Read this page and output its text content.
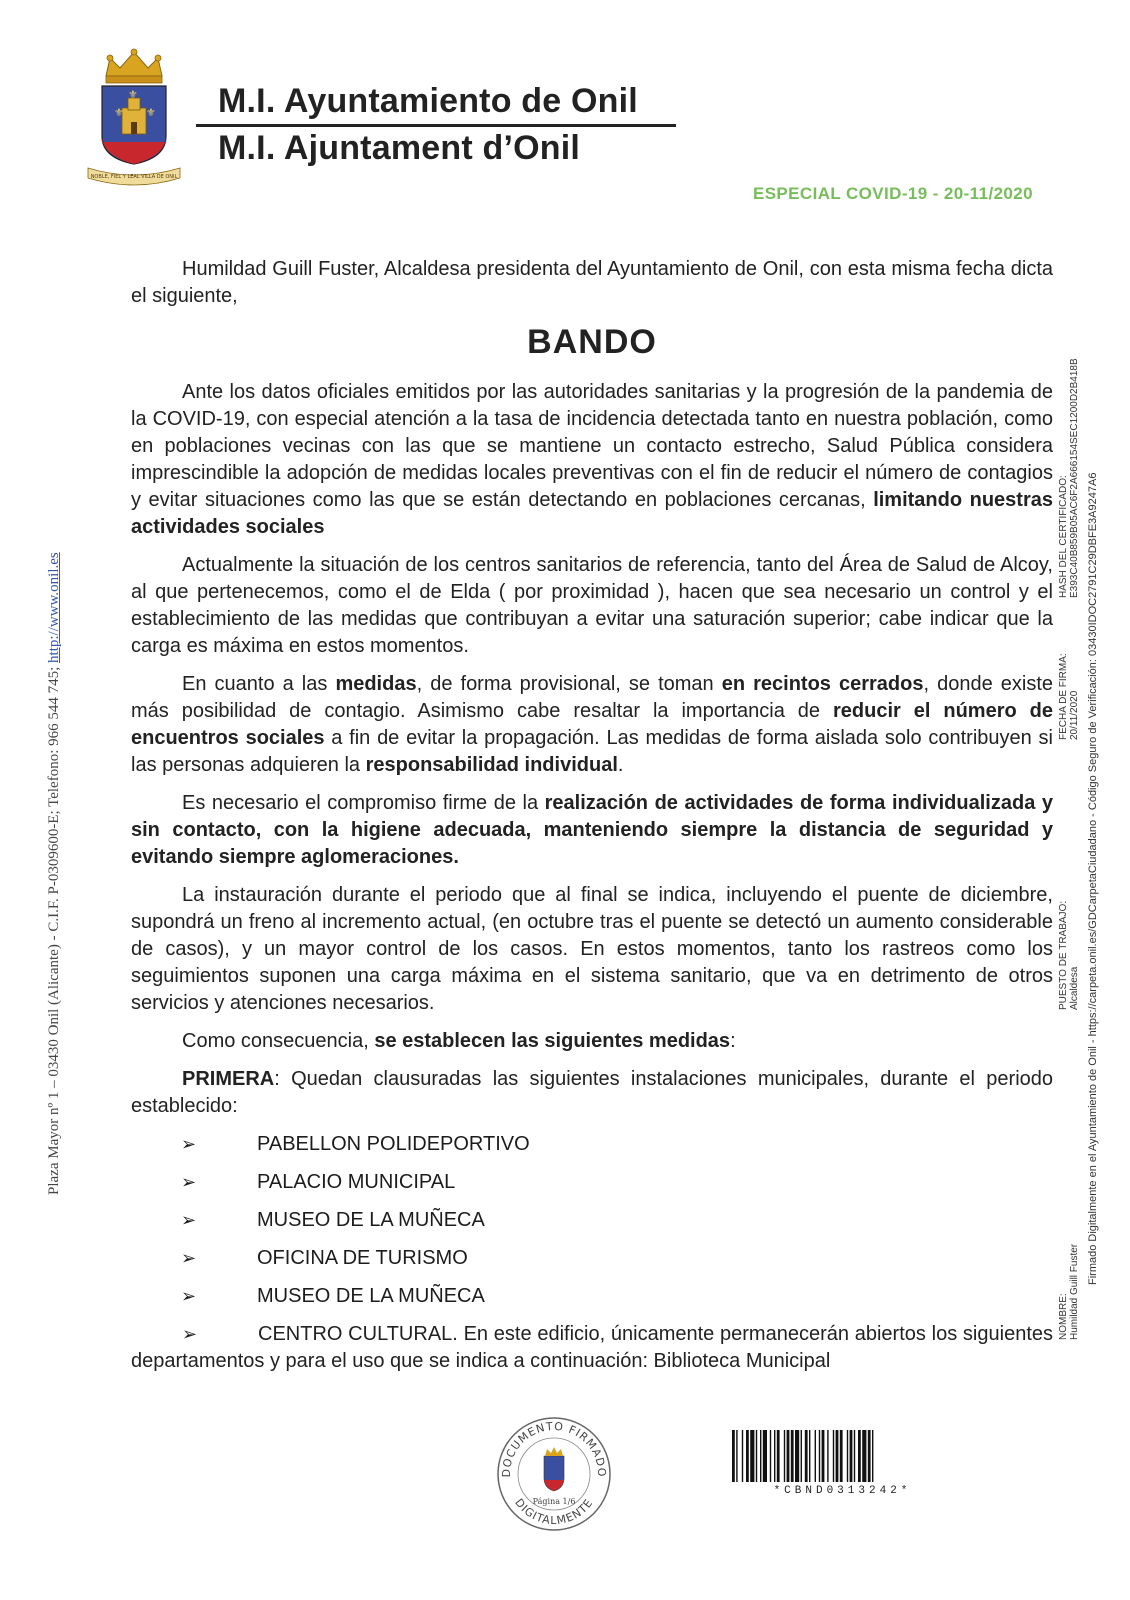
⚜ ⚜
⚜
NOBLE, FIEL Y LEAL VILLA DE ONIL
M.I. Ayuntamiento de Onil
M.I. Ajuntament d’Onil
ESPECIAL COVID-19 - 20-11/2020

Humildad Guill Fuster, Alcaldesa presidenta del Ayuntamiento de Onil, con esta misma fecha dicta el siguiente,

BANDO

Ante los datos oficiales emitidos por las autoridades sanitarias y la progresión de la pandemia de la COVID-19, con especial atención a la tasa de incidencia detectada tanto en nuestra población, como en poblaciones vecinas con las que se mantiene un contacto estrecho, Salud Pública considera imprescindible la adopción de medidas locales preventivas con el fin de reducir el número de contagios y evitar situaciones como las que se están detectando en poblaciones cercanas, limitando nuestras actividades sociales

Actualmente la situación de los centros sanitarios de referencia, tanto del Área de Salud de Alcoy, al que pertenecemos, como el de Elda ( por proximidad ), hacen que sea necesario un control y el establecimiento de las medidas que contribuyan a evitar una saturación superior; cabe indicar que la carga es máxima en estos momentos.

En cuanto a las medidas, de forma provisional, se toman en recintos cerrados, donde existe más posibilidad de contagio. Asimismo cabe resaltar la importancia de reducir el número de encuentros sociales a fin de evitar la propagación. Las medidas de forma aislada solo contribuyen si las personas adquieren la responsabilidad individual.

Es necesario el compromiso firme de la realización de actividades de forma individualizada y sin contacto, con la higiene adecuada, manteniendo siempre la distancia de seguridad y evitando siempre aglomeraciones.

La instauración durante el periodo que al final se indica, incluyendo el puente de diciembre, supondrá un freno al incremento actual, (en octubre tras el puente se detectó un aumento considerable de casos), y un mayor control de los casos. En estos momentos, tanto los rastreos como los seguimientos suponen una carga máxima en el sistema sanitario, que va en detrimento de otros servicios y atenciones necesarios.

Como consecuencia, se establecen las siguientes medidas:

PRIMERA: Quedan clausuradas las siguientes instalaciones municipales, durante el periodo establecido:

➢	PABELLON POLIDEPORTIVO
➢	PALACIO MUNICIPAL
➢	MUSEO DE LA MUÑECA
➢	OFICINA DE TURISMO
➢	MUSEO DE LA MUÑECA

➢	CENTRO CULTURAL. En este edificio, únicamente permanecerán abiertos los siguientes departamentos y para el uso que se indica a continuación: Biblioteca Municipal

Plaza Mayor nº 1 – 03430 Onil (Alicante) - C.I.F. P-0309600-E; Telefono: 966 544 745; http://www.onil.es
NOMBRE: Humildad Guill Fuster
PUESTO DE TRABAJO: Alcaldesa
FECHA DE FIRMA: 20/11/2020
HASH DEL CERTIFICADO: E393C40B859B05AC6F2A666154SEC1200D2B418B Firmado Digitalmente en el Ayuntamiento de Onil - https://carpeta.onil.es/GDCarpetaCiudadano - Código Seguro de Verificación: 03430IDOC2791C29DBFE3A9247A6
DOCUMENTO FIRMADO
DIGITALMENTE
Página 1/6
*CBND0313242*
